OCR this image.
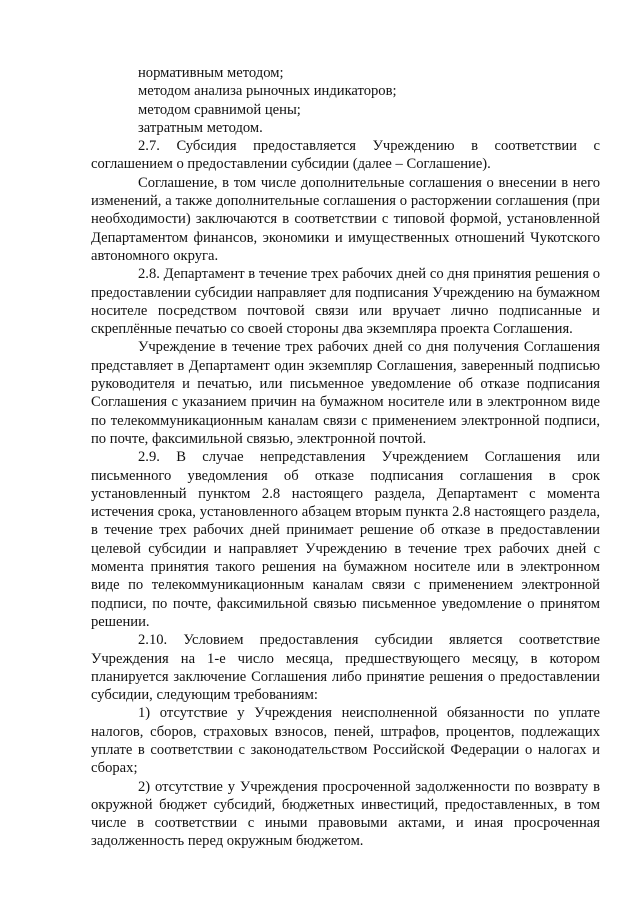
нормативным методом;

методом анализа рыночных индикаторов;

методом сравнимой цены;

затратным методом.

2.7. Субсидия предоставляется Учреждению в соответствии с соглашением о предоставлении субсидии (далее – Соглашение).

Соглашение, в том числе дополнительные соглашения о внесении в него изменений, а также дополнительные соглашения о расторжении соглашения (при необходимости) заключаются в соответствии с типовой формой, установленной Департаментом финансов, экономики и имущественных отношений Чукотского автономного округа.

2.8. Департамент в течение трех рабочих дней со дня принятия решения о предоставлении субсидии направляет для подписания Учреждению на бумажном носителе посредством почтовой связи или вручает лично подписанные и скреплённые печатью со своей стороны два экземпляра проекта Соглашения.

Учреждение в течение трех рабочих дней со дня получения Соглашения представляет в Департамент один экземпляр Соглашения, заверенный подписью руководителя и печатью, или письменное уведомление об отказе подписания Соглашения с указанием причин на бумажном носителе или в электронном виде по телекоммуникационным каналам связи с применением электронной подписи, по почте, факсимильной связью, электронной почтой.

2.9. В случае непредставления Учреждением Соглашения или письменного уведомления об отказе подписания соглашения в срок установленный пунктом 2.8 настоящего раздела, Департамент с момента истечения срока, установленного абзацем вторым пункта 2.8 настоящего раздела, в течение трех рабочих дней принимает решение об отказе в предоставлении целевой субсидии и направляет Учреждению в течение трех рабочих дней с момента принятия такого решения на бумажном носителе или в электронном виде по телекоммуникационным каналам связи с применением электронной подписи, по почте, факсимильной связью письменное уведомление о принятом решении.

2.10. Условием предоставления субсидии является соответствие Учреждения на 1-е число месяца, предшествующего месяцу, в котором планируется заключение Соглашения либо принятие решения о предоставлении субсидии, следующим требованиям:

1) отсутствие у Учреждения неисполненной обязанности по уплате налогов, сборов, страховых взносов, пеней, штрафов, процентов, подлежащих уплате в соответствии с законодательством Российской Федерации о налогах и сборах;

2) отсутствие у Учреждения просроченной задолженности по возврату в окружной бюджет субсидий, бюджетных инвестиций, предоставленных, в том числе в соответствии с иными правовыми актами, и иная просроченная задолженность перед окружным бюджетом.
